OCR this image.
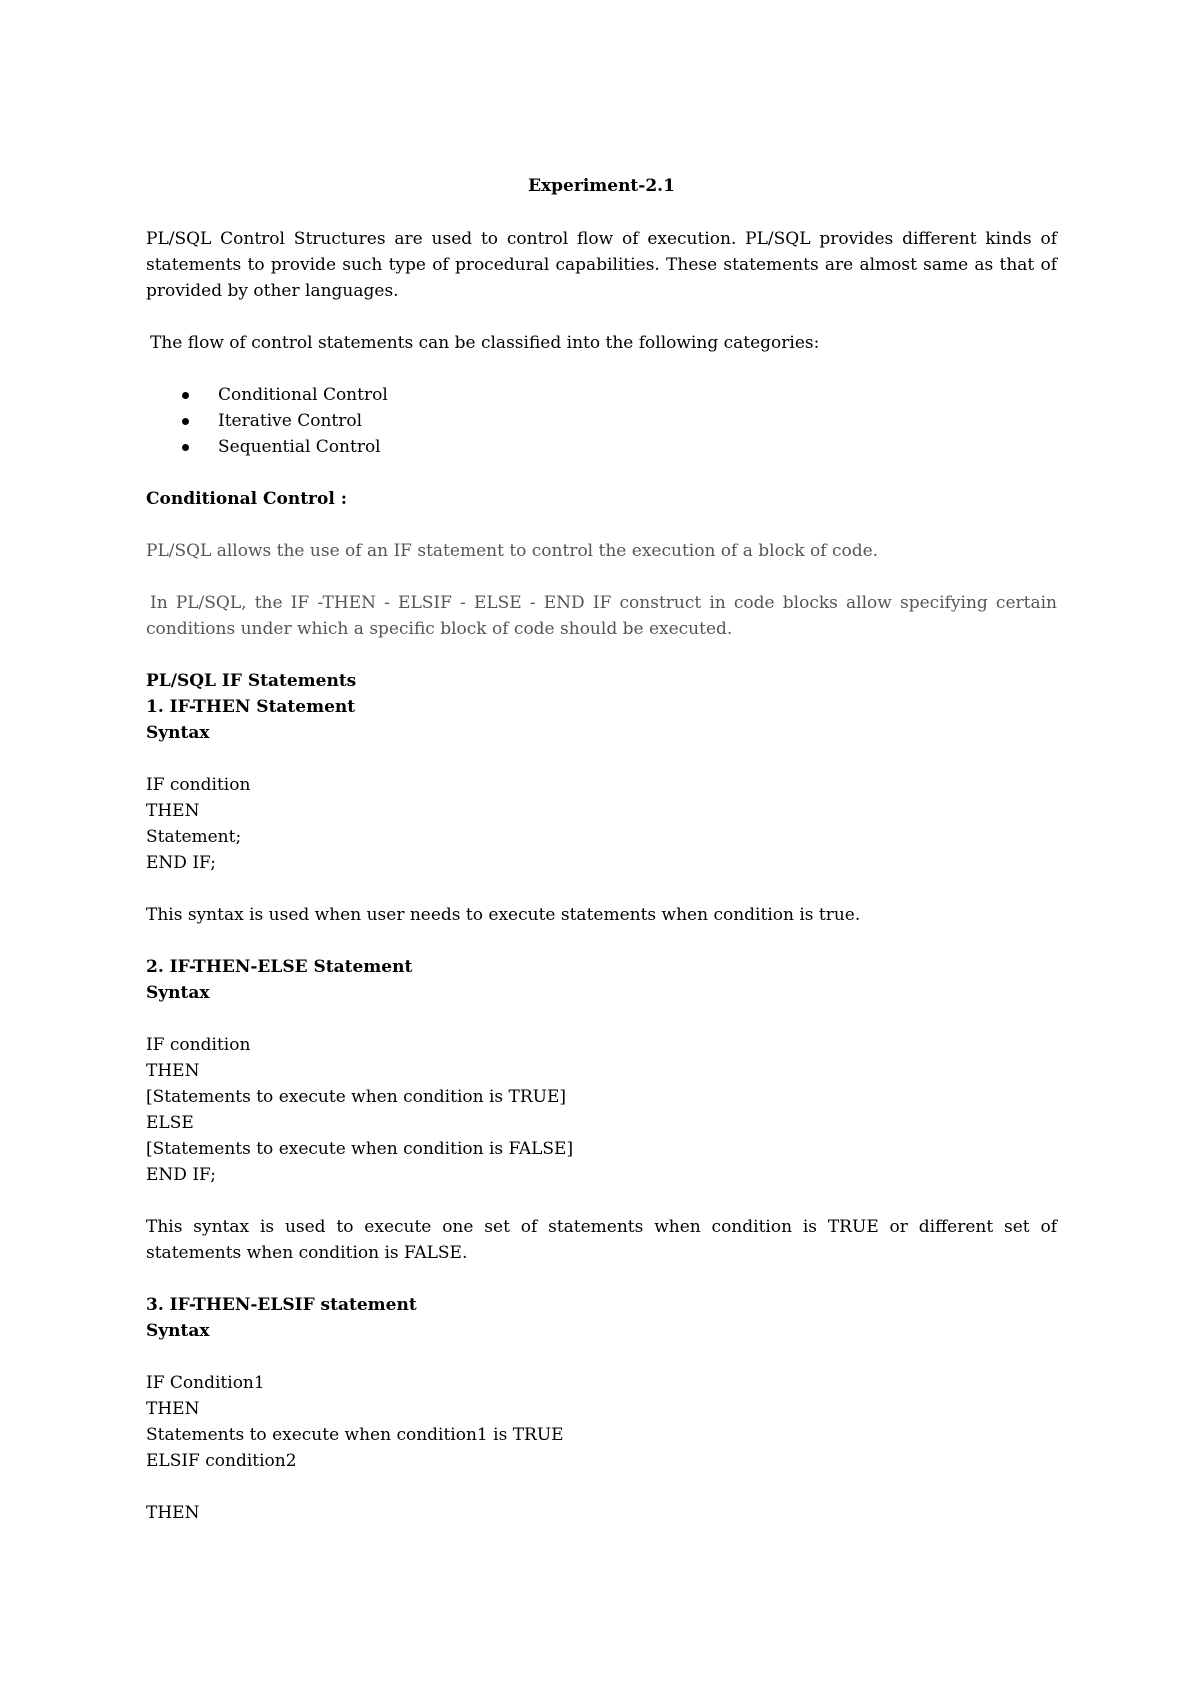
Experiment-2.1

PL/SQL Control Structures are used to control flow of execution. PL/SQL provides different kinds of statements to provide such type of procedural capabilities. These statements are almost same as that of provided by other languages.

The flow of control statements can be classified into the following categories:

Conditional Control
Iterative Control
Sequential Control

Conditional Control :

PL/SQL allows the use of an IF statement to control the execution of a block of code.

In PL/SQL, the IF -THEN - ELSIF - ELSE - END IF construct in code blocks allow specifying certain conditions under which a specific block of code should be executed.

PL/SQL IF Statements

1. IF-THEN Statement

Syntax

IF condition

THEN

Statement;

END IF;

This syntax is used when user needs to execute statements when condition is true.

2. IF-THEN-ELSE Statement

Syntax

IF condition

THEN

[Statements to execute when condition is TRUE]

ELSE

[Statements to execute when condition is FALSE]

END IF;

This syntax is used to execute one set of statements when condition is TRUE or different set of statements when condition is FALSE.

3. IF-THEN-ELSIF statement

Syntax

IF Condition1

THEN

Statements to execute when condition1 is TRUE

ELSIF condition2

THEN
